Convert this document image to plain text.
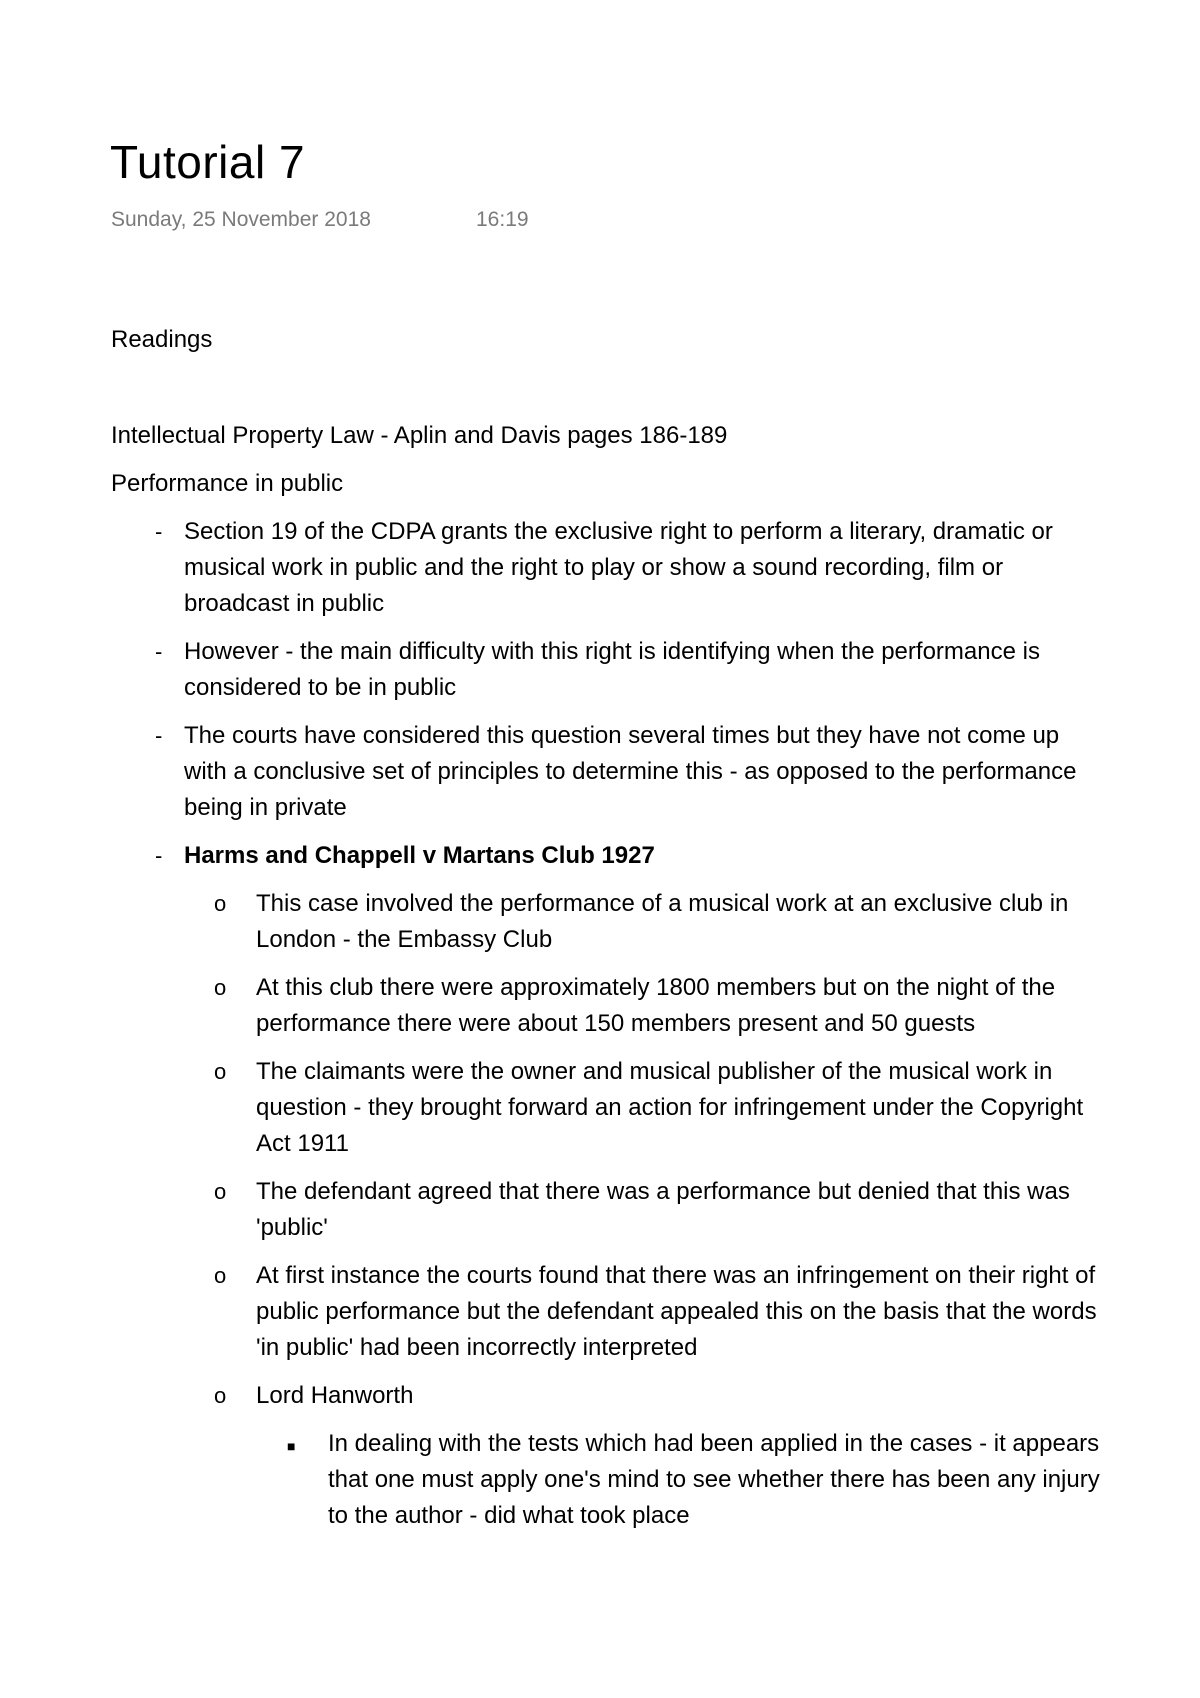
Tutorial 7
Sunday, 25 November 2018	16:19

Readings

Intellectual Property Law - Aplin and Davis pages 186-189

Performance in public

- Section 19 of the CDPA grants the exclusive right to perform a literary, dramatic or musical work in public and the right to play or show a sound recording, film or broadcast in public
- However - the main difficulty with this right is identifying when the performance is considered to be in public
- The courts have considered this question several times but they have not come up with a conclusive set of principles to determine this - as opposed to the performance being in private
- Harms and Chappell v Martans Club 1927
o This case involved the performance of a musical work at an exclusive club in London - the Embassy Club
o At this club there were approximately 1800 members but on the night of the performance there were about 150 members present and 50 guests
o The claimants were the owner and musical publisher of the musical work in question - they brought forward an action for infringement under the Copyright Act 1911
o The defendant agreed that there was a performance but denied that this was 'public'
o At first instance the courts found that there was an infringement on their right of public performance but the defendant appealed this on the basis that the words 'in public' had been incorrectly interpreted
o Lord Hanworth
■ In dealing with the tests which had been applied in the cases - it appears that one must apply one's mind to see whether there has been any injury to the author - did what took place
